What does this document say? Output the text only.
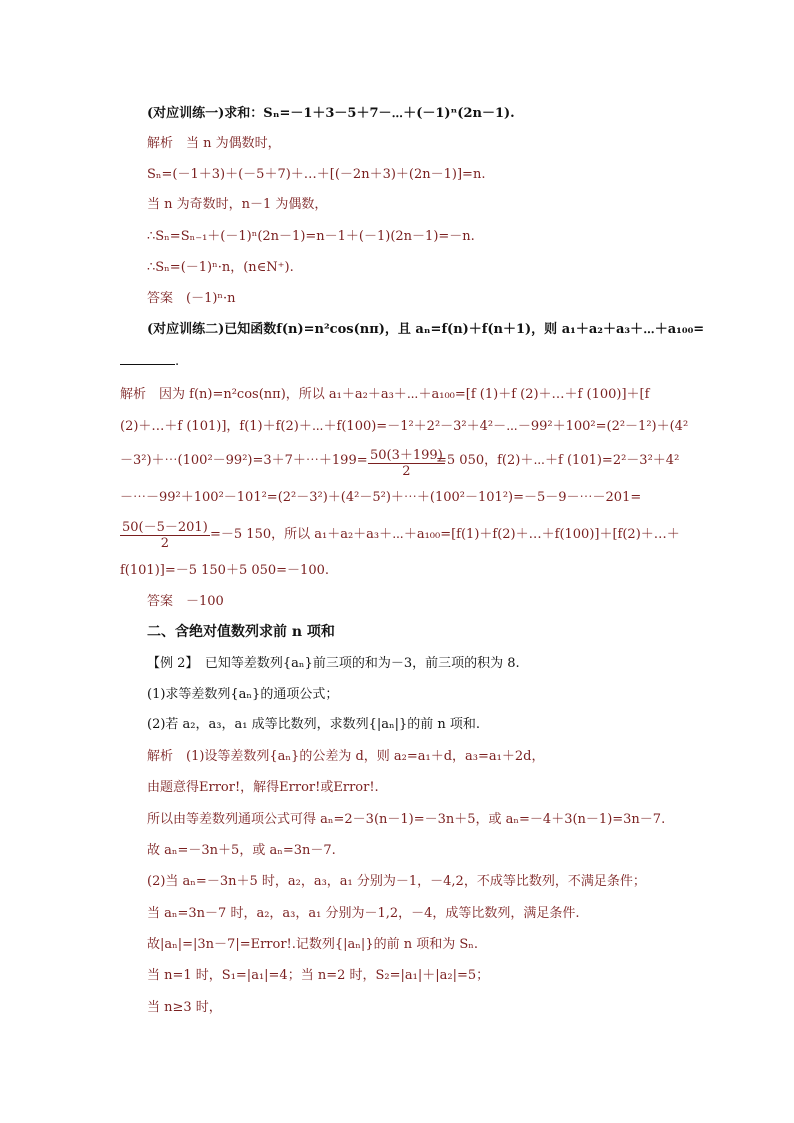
(对应训练一)求和：Sₙ=－1＋3－5＋7－⋯＋(－1)ⁿ(2n－1).
解析　当 n 为偶数时，
Sₙ=(－1＋3)＋(－5＋7)＋…＋[(－2n＋3)＋(2n－1)]=n.
当 n 为奇数时，n－1 为偶数，
∴Sₙ=Sₙ₋₁＋(－1)ⁿ(2n－1)=n－1＋(－1)(2n－1)=－n.
∴Sₙ=(－1)ⁿ·n，(n∈N⁺).
答案　(－1)ⁿ·n
(对应训练二)已知函数f(n)=n²cos(nπ)，且 aₙ=f(n)＋f(n＋1)，则 a₁＋a₂＋a₃＋⋯＋a₁₀₀=
.
解析　因为 f(n)=n²cos(nπ)，所以 a₁＋a₂＋a₃＋⋯＋a₁₀₀=[f (1)＋f (2)＋…＋f (100)]＋[f
(2)＋…＋f (101)]，f(1)＋f(2)＋⋯＋f(100)=－1²＋2²－3²＋4²－⋯－99²＋100²=(2²－1²)＋(4²
－3²)＋⋯(100²－99²)=3＋7＋⋯＋199= $\frac{50(3+199)}{2}$
=5 050，f(2)＋⋯＋f (101)=2²－3²＋4²
－⋯－99²＋100²－101²=(2²－3²)＋(4²－5²)＋⋯＋(100²－101²)=－5－9－⋯－201=
$\frac{50(-5-201)}{2} =-5$ 150，所以 a₁＋a₂＋a₃＋⋯＋a₁₀₀=[f(1)＋f(2)＋…＋f(100)]＋[f(2)＋…＋
f(101)]=－5 150＋5 050=－100.
答案　－100
二、含绝对值数列求前 n 项和
【例 2】　已知等差数列{aₙ}前三项的和为－3，前三项的积为 8.
(1)求等差数列{aₙ}的通项公式；
(2)若 a₂，a₃，a₁ 成等比数列，求数列{|aₙ|}的前 n 项和.
解析　(1)设等差数列{aₙ}的公差为 d，则 a₂=a₁＋d，a₃=a₁＋2d，
由题意得Error!，解得Error!或Error!.
所以由等差数列通项公式可得 aₙ=2－3(n－1)=－3n＋5，或 aₙ=－4＋3(n－1)=3n－7.
故 aₙ=－3n＋5，或 aₙ=3n－7.
(2)当 aₙ=－3n＋5 时，a₂，a₃，a₁ 分别为－1，－4,2，不成等比数列，不满足条件；
当 aₙ=3n－7 时，a₂，a₃，a₁ 分别为－1,2，－4，成等比数列，满足条件.
故|aₙ|=|3n－7|=Error!.记数列{|aₙ|}的前 n 项和为 Sₙ.
当 n=1 时，S₁=|a₁|=4；当 n=2 时，S₂=|a₁|＋|a₂|=5；
当 n≥3 时，
